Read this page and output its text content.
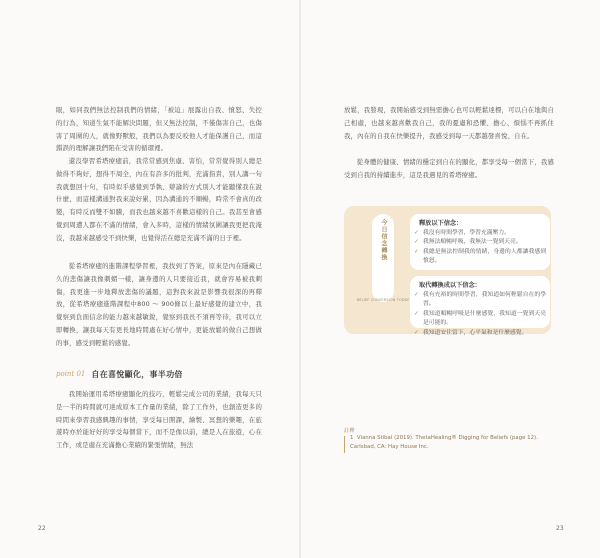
眼，如同我們無法控制我們的情緒，「被迫」展露出自我、憤怒、失控的行為，知道生氣不能解決問題，但又無法控制，不僅傷害自己，也傷害了周圍的人，就像野獸般，我們以為要反咬他人才能保護自己，而這錯誤的理解讓我們陷在受害的循環裡。

還沒學習希塔療癒前，我常常感到焦慮、害怕，常常覺得別人總是做得不夠好，想得不周全，內在有許多的批判，充滿指責，別人講一句我就想回十句，有時似乎感覺到爭執、辯論的方式別人才能聽懂我在說什麼，而這樣溝通對我來說好累，因為溝通的不順暢，時常不會真的改變，有時反而雙不如騰，而我也越來越不喜歡這樣的自己。我甚至會感覺到周遭人都在不滿的情緒，會入多時，這樣的情緒氛圍讓我更把我淹沒，我越來越感受不到快樂，也覺得活在總是充滿不滿的日子裡。

從希塔療癒的進階課程學習裡，我找到了答案，原來是內在隱藏已久的悲傷讓我像刺蝟一樣，讓身邊的人只要接近我，就會容易被我刺傷，我更進一步地釋放悲傷的議題，這對我來說是影響我很深的再釋放，從希塔療癒進階課程中800 ～ 900條以上最好感覺的建立中，我覺察到負面信念的能力越來越敏銳，覺察到我長不須再等待，我可以立即轉換，讓我每天有更長地時間處在好心情中，更能放鬆的做自己想做的事，感受到輕鬆的感覺。

point 01 自在喜悅顯化，事半功倍

我開始運用希塔療癒顯化的技巧，輕鬆完成公司的業績，我每天只是一半的時間就可達成原本工作量的業績，除了工作外，也創造更多的時間來學習我感興趣的事情，享受每日開課，繪製、冥想的樂趣，在旅遊時亦於能好好的享受每個當下，而不是像以前，總是人在旅遊，心在工作，或是處在充滿擔心業績的緊張情緒，無法

22

放鬆，我發現，我開始感受到無需擔心也可以輕鬆達標，可以自在地與自己相處，也越來越喜歡我自己，我的憂慮和恐懼、擔心、煩惱不再抓住我，內在的自我在快樂提升，我感受到每一天都越發喜悅、自在。

從身體的健康、情緒的穩定到自在的顯化，都享受每一個當下，我感受到自我的持續進步，這是我遇見的希塔療癒。

今日信念轉換
BELIEF CONVERSION TODAY
釋放以下信念：
✓ 我沒有時間學習，學習充滿壓力。
✓ 我無法順暢呼吸，我無法一覺到天亮。
✓ 我總是無法控制我的情緒，身邊的人都讓我感到憤怒。
取代轉換成以下信念：
✓ 我有充裕的時間學習，我知道如何輕鬆自在的學習。
✓ 我知道順暢呼吸是什麼感覺，我知道一覺到天亮是可能的。
✓ 我知道安住當下，心平氣和是什麼感覺。
註釋

1 Vianna Stibal (2019). ThetaHealing® Digging for Beliefs (page 12). Carlsbad, CA: Hay House Inc.

23
